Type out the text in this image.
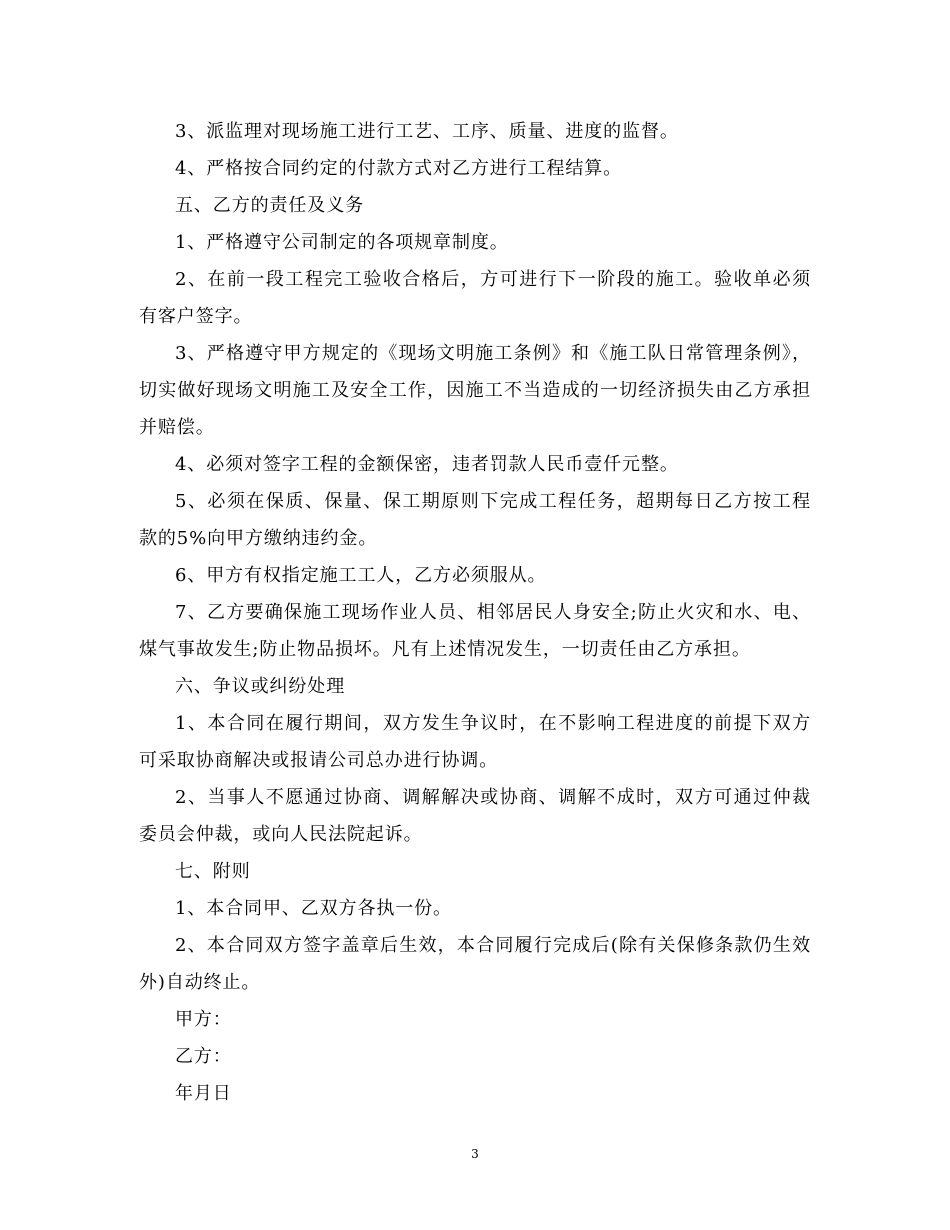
3、派监理对现场施工进行工艺、工序、质量、进度的监督。

4、严格按合同约定的付款方式对乙方进行工程结算。

五、乙方的责任及义务

1、严格遵守公司制定的各项规章制度。

2、在前一段工程完工验收合格后，方可进行下一阶段的施工。验收单必须有客户签字。

3、严格遵守甲方规定的《现场文明施工条例》和《施工队日常管理条例》，切实做好现场文明施工及安全工作，因施工不当造成的一切经济损失由乙方承担并赔偿。

4、必须对签字工程的金额保密，违者罚款人民币壹仟元整。

5、必须在保质、保量、保工期原则下完成工程任务，超期每日乙方按工程款的5%向甲方缴纳违约金。

6、甲方有权指定施工工人，乙方必须服从。

7、乙方要确保施工现场作业人员、相邻居民人身安全;防止火灾和水、电、煤气事故发生;防止物品损坏。凡有上述情况发生，一切责任由乙方承担。

六、争议或纠纷处理

1、本合同在履行期间，双方发生争议时，在不影响工程进度的前提下双方可采取协商解决或报请公司总办进行协调。

2、当事人不愿通过协商、调解解决或协商、调解不成时，双方可通过仲裁委员会仲裁，或向人民法院起诉。

七、附则

1、本合同甲、乙双方各执一份。

2、本合同双方签字盖章后生效，本合同履行完成后(除有关保修条款仍生效外)自动终止。

甲方：

乙方：

年月日

3
